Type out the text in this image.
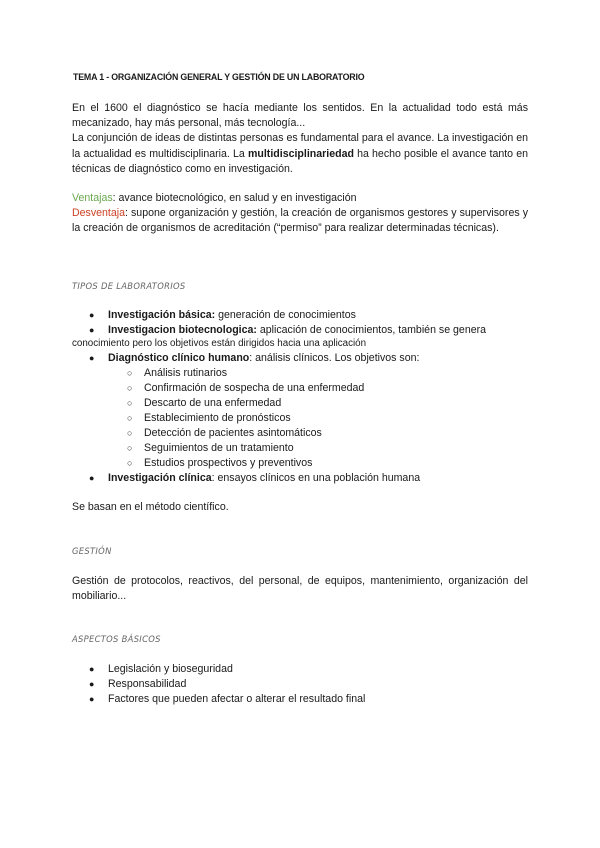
TEMA 1 - ORGANIZACIÓN GENERAL Y GESTIÓN DE UN LABORATORIO

En el 1600 el diagnóstico se hacía mediante los sentidos. En la actualidad todo está más mecanizado, hay más personal, más tecnología...

La conjunción de ideas de distintas personas es fundamental para el avance. La investigación en la actualidad es multidisciplinaria. La multidisciplinariedad ha hecho posible el avance tanto en técnicas de diagnóstico como en investigación.

Ventajas: avance biotecnológico, en salud y en investigación

Desventaja: supone organización y gestión, la creación de organismos gestores y supervisores y la creación de organismos de acreditación (“permiso” para realizar determinadas técnicas).

TIPOS DE LABORATORIOS
● Investigación básica: generación de conocimientos
● Investigacion biotecnologica: aplicación de conocimientos, también se genera
conocimiento pero los objetivos están dirigidos hacia una aplicación
● Diagnóstico clínico humano: análisis clínicos. Los objetivos son:
○ Análisis rutinarios
○ Confirmación de sospecha de una enfermedad
○ Descarto de una enfermedad
○ Establecimiento de pronósticos
○ Detección de pacientes asintomáticos
○ Seguimientos de un tratamiento
○ Estudios prospectivos y preventivos
● Investigación clínica: ensayos clínicos en una población humana
Se basan en el método científico.
GESTIÓN
Gestión de protocolos, reactivos, del personal, de equipos, mantenimiento, organización del mobiliario...
ASPECTOS BÁSICOS
● Legislación y bioseguridad
● Responsabilidad
● Factores que pueden afectar o alterar el resultado final
